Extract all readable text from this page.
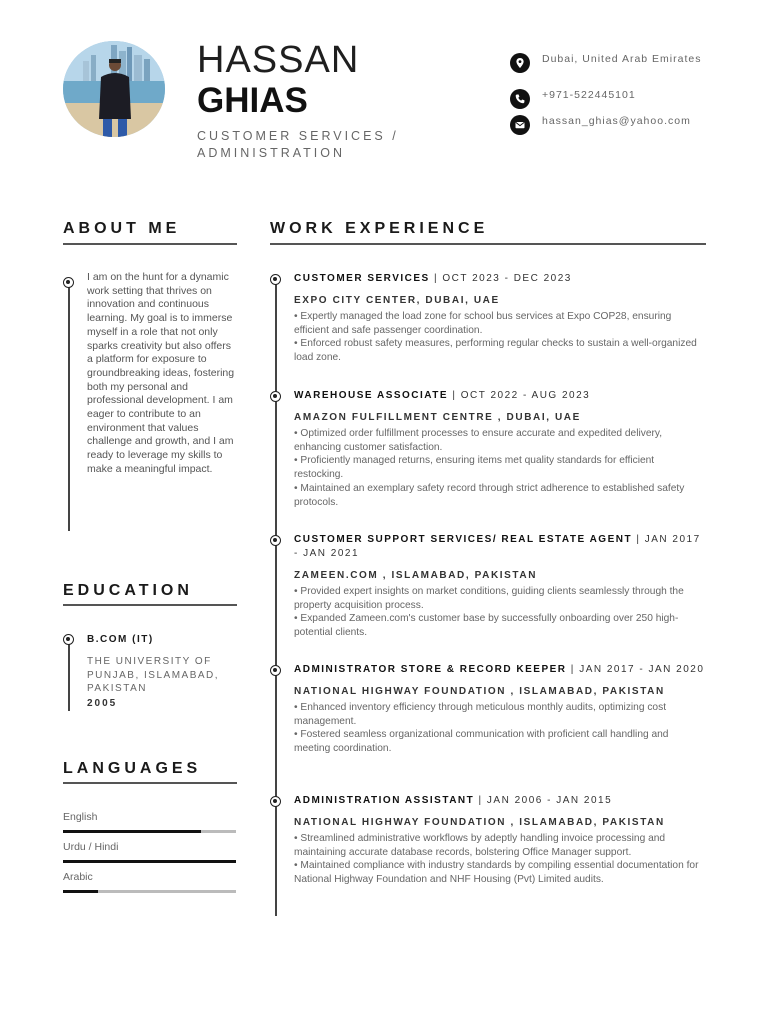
HASSAN
GHIAS
CUSTOMER SERVICES / ADMINISTRATION
Dubai, United Arab Emirates
+971-522445101
hassan_ghias@yahoo.com
ABOUT ME
I am on the hunt for a dynamic work setting that thrives on innovation and continuous learning. My goal is to immerse myself in a role that not only sparks creativity but also offers a platform for exposure to groundbreaking ideas, fostering both my personal and professional development. I am eager to contribute to an environment that values challenge and growth, and I am ready to leverage my skills to make a meaningful impact.
EDUCATION
B.COM (IT)
THE UNIVERSITY OF PUNJAB, ISLAMABAD, PAKISTAN
2005
LANGUAGES
English
Urdu / Hindi
Arabic
WORK EXPERIENCE
CUSTOMER SERVICES | OCT 2023 - DEC 2023
EXPO CITY CENTER, DUBAI, UAE
• Expertly managed the load zone for school bus services at Expo COP28, ensuring efficient and safe passenger coordination.
• Enforced robust safety measures, performing regular checks to sustain a well-organized load zone.
WAREHOUSE ASSOCIATE | OCT 2022 - AUG 2023
AMAZON FULFILLMENT CENTRE , DUBAI, UAE
• Optimized order fulfillment processes to ensure accurate and expedited delivery, enhancing customer satisfaction.
• Proficiently managed returns, ensuring items met quality standards for efficient restocking.
• Maintained an exemplary safety record through strict adherence to established safety protocols.
CUSTOMER SUPPORT SERVICES/ REAL ESTATE AGENT | JAN 2017 - JAN 2021
ZAMEEN.COM , ISLAMABAD, PAKISTAN
• Provided expert insights on market conditions, guiding clients seamlessly through the property acquisition process.
• Expanded Zameen.com's customer base by successfully onboarding over 250 high-potential clients.
ADMINISTRATOR STORE & RECORD KEEPER | JAN 2017 - JAN 2020
NATIONAL HIGHWAY FOUNDATION , ISLAMABAD, PAKISTAN
• Enhanced inventory efficiency through meticulous monthly audits, optimizing cost management.
• Fostered seamless organizational communication with proficient call handling and meeting coordination.
ADMINISTRATION ASSISTANT | JAN 2006 - JAN 2015
NATIONAL HIGHWAY FOUNDATION , ISLAMABAD, PAKISTAN
• Streamlined administrative workflows by adeptly handling invoice processing and maintaining accurate database records, bolstering Office Manager support.
• Maintained compliance with industry standards by compiling essential documentation for National Highway Foundation and NHF Housing (Pvt) Limited audits.
